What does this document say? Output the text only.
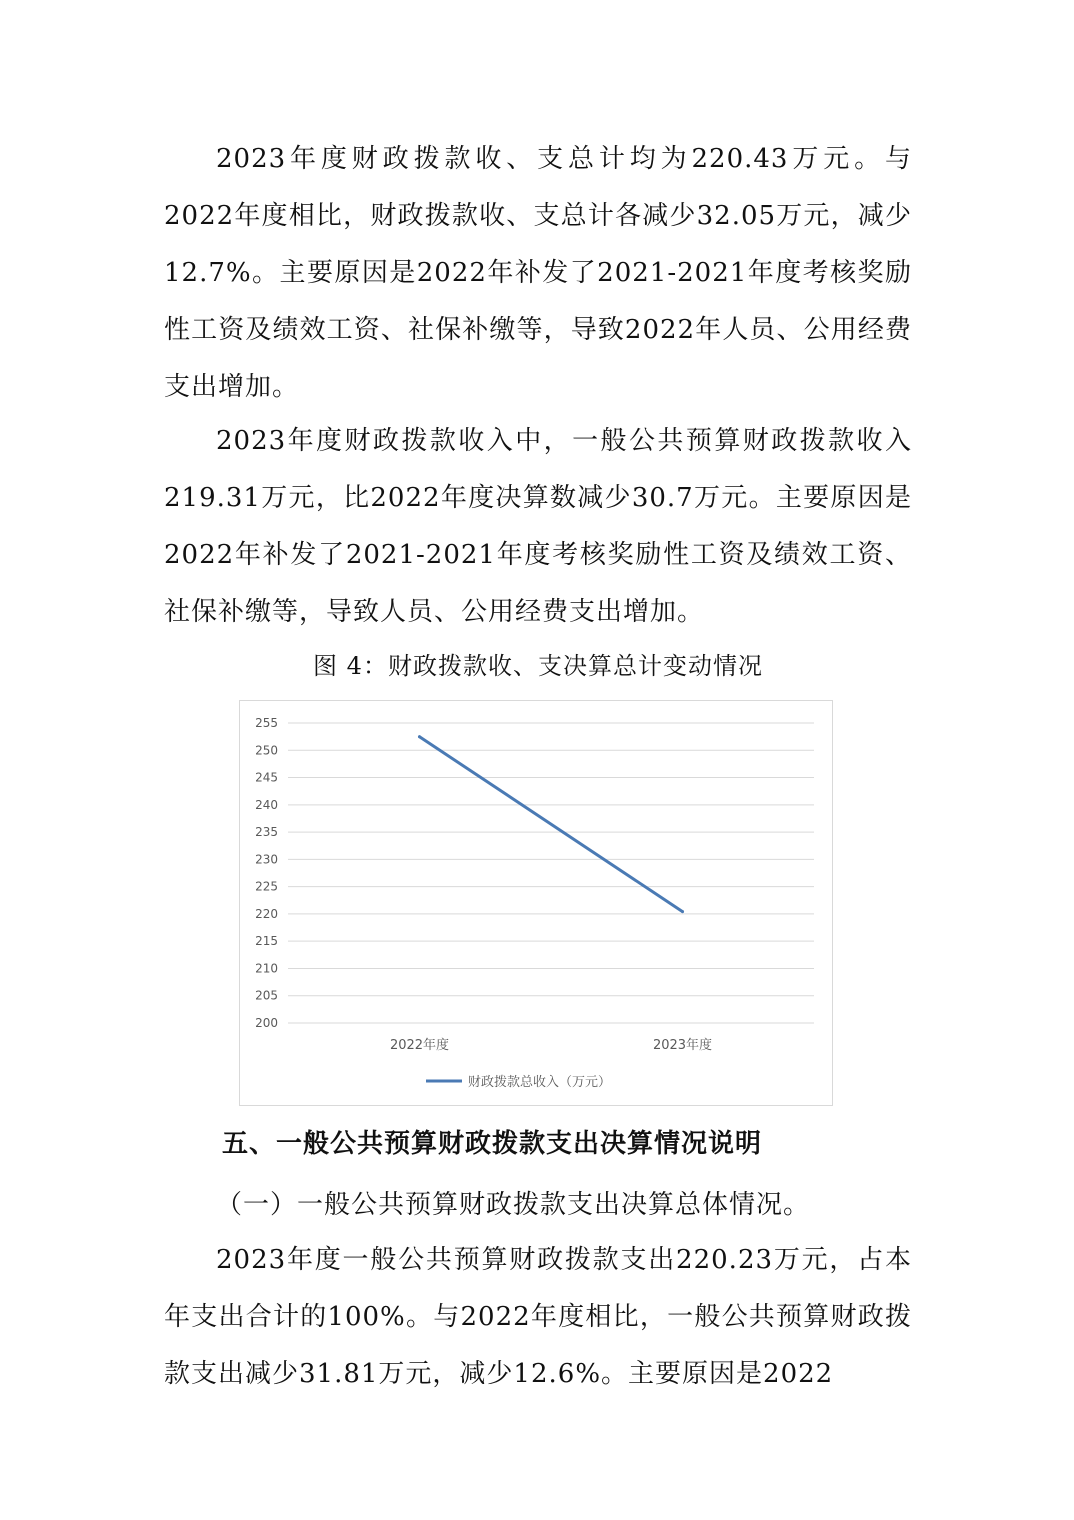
2023年度财政拨款收、支总计均为220.43万元。与2022年度相比，财政拨款收、支总计各减少32.05万元，减少12.7%。主要原因是2022年补发了2021-2021年度考核奖励性工资及绩效工资、社保补缴等，导致2022年人员、公用经费支出增加。

2023年度财政拨款收入中，一般公共预算财政拨款收入219.31万元，比2022年度决算数减少30.7万元。主要原因是2022年补发了2021-2021年度考核奖励性工资及绩效工资、社保补缴等，导致人员、公用经费支出增加。

图 4：财政拨款收、支决算总计变动情况
200
205
210
215
220
225
230
235
240
245
250
255
2022年度	2023年度
财政拨款总收入（万元）
五、一般公共预算财政拨款支出决算情况说明

（一）一般公共预算财政拨款支出决算总体情况。

2023年度一般公共预算财政拨款支出220.23万元，占本年支出合计的100%。与2022年度相比，一般公共预算财政拨款支出减少31.81万元，减少12.6%。主要原因是2022
